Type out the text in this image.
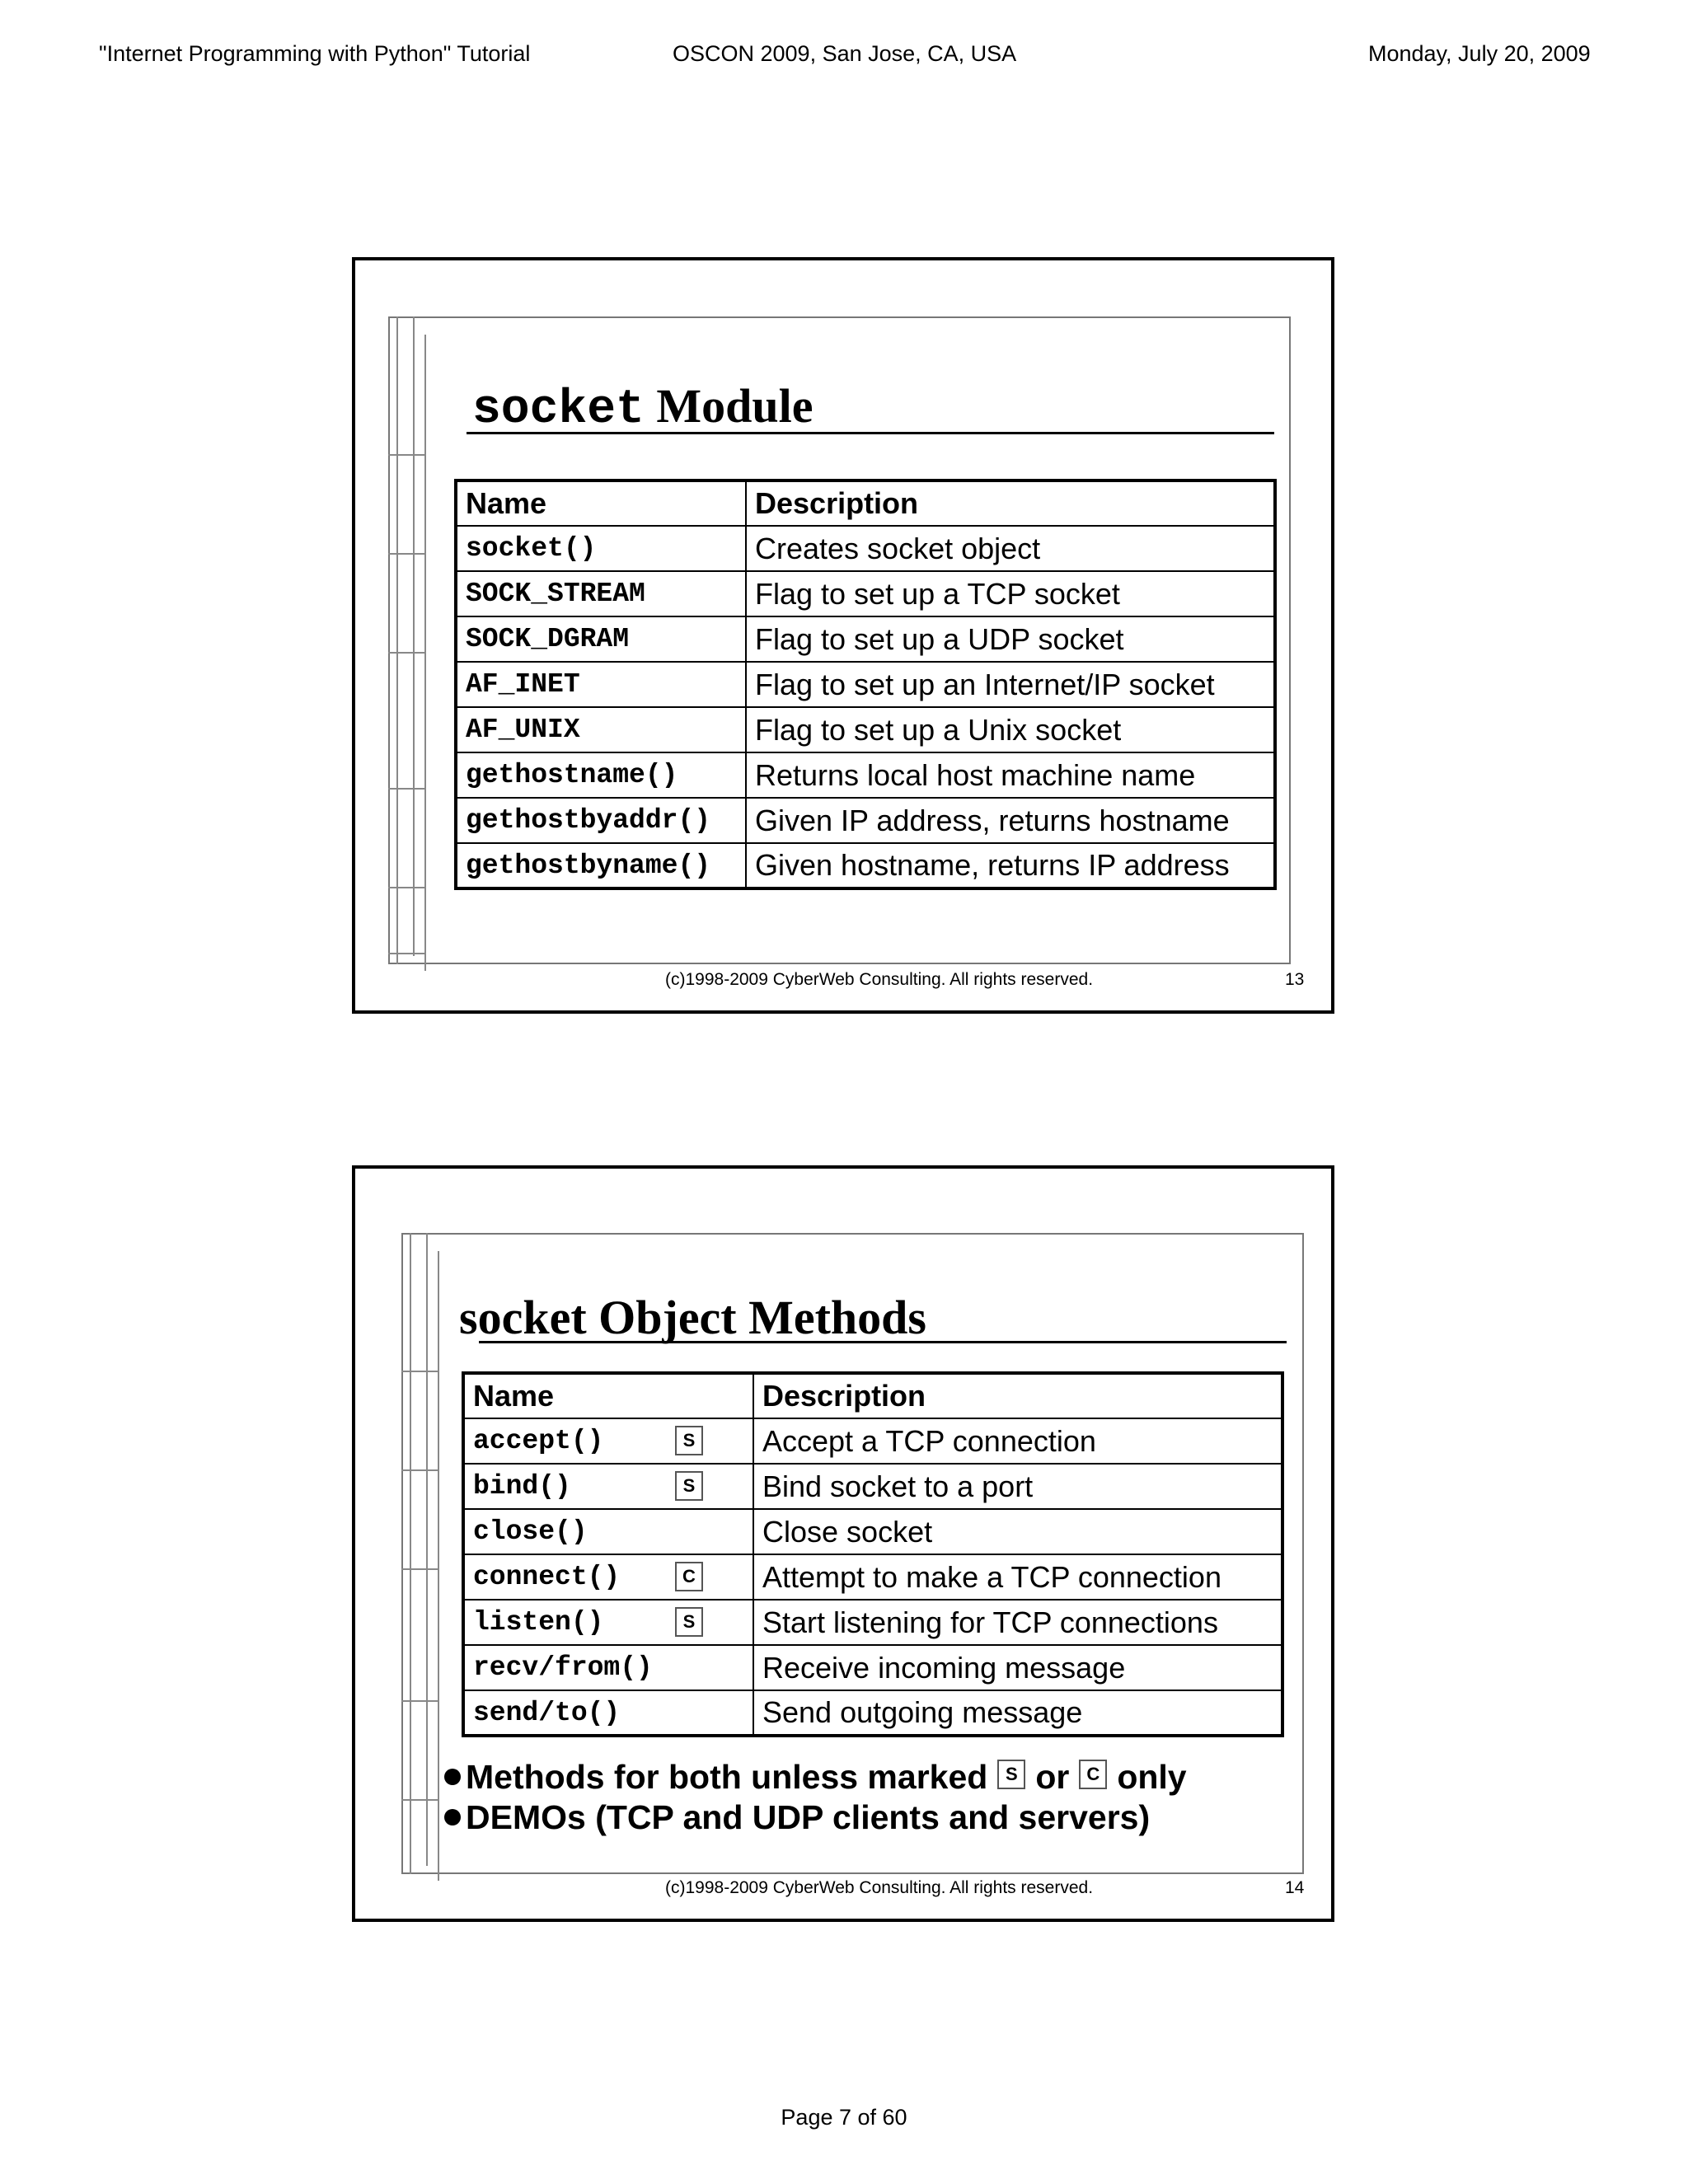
"Internet Programming with Python" Tutorial	OSCON 2009, San Jose, CA, USA	Monday, July 20, 2009
socket Module
Name	Description
socket()	Creates socket object
SOCK_STREAM	Flag to set up a TCP socket
SOCK_DGRAM	Flag to set up a UDP socket
AF_INET	Flag to set up an Internet/IP socket
AF_UNIX	Flag to set up a Unix socket
gethostname()	Returns local host machine name
gethostbyaddr()	Given IP address, returns hostname
gethostbyname()	Given hostname, returns IP address
(c)1998-2009 CyberWeb Consulting. All rights reserved.	13
socket Object Methods
Name	Description
accept() S	Accept a TCP connection
bind() S	Bind socket to a port
close()	Close socket
connect() C	Attempt to make a TCP connection
listen() S	Start listening for TCP connections
recv/from()	Receive incoming message
send/to()	Send outgoing message
Methods for both unless marked S or C only
DEMOs (TCP and UDP clients and servers)
(c)1998-2009 CyberWeb Consulting. All rights reserved.	14
Page 7 of 60
